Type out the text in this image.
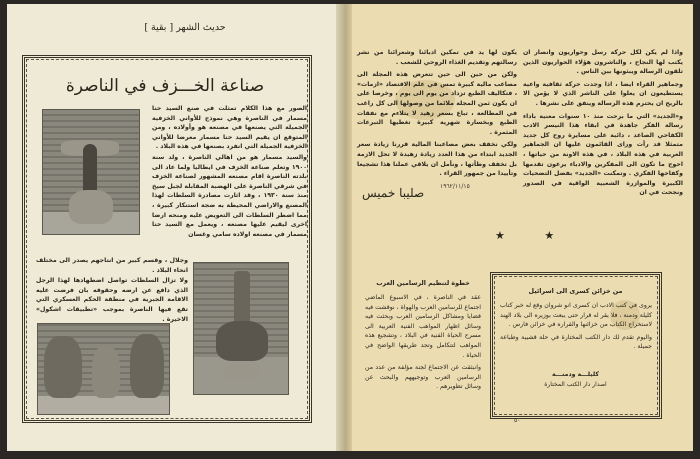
صناعة الخـــزف في الناصرة

الصور مع هذا الكلام تمثلت في صنع السيد حنا مسمار في الناصرة وهي نموذج للأواني الخزفية الجميلة التي يصنعها في مصنعه هو وأولاده ، ومن المتوقع ان يقيم السيد حنا مسمار معرضا للأواني الخزفية الجميلة التي انفرد بصنعها في هذه البلاد .

والسيد مسمار هو من اهالي الناصرة ، ولد سنة ١٩٠٠ وتعلم صناعة الخزف في ايطاليا ولما عاد الى بلدته الناصرة اقام مصنعه المشهور لصناعة الخزف في شرقي الناصرة على الهضبة المقابلة لجبل سيخ منذ سنة ١٩٣٠ ، وقد اثارت مصادرة السلطات لهذا المصنع والاراضي المحيطة به ضجة استنكار كبيرة ، مما اضطر السلطات الى التعويض عليه ومنحه ارضا اخرى ليقيم عليها مصنعه ، ويعمل مع السيد حنا مسمار في مصنعه اولاده سامي وغسان

وجلال ، وقسم كبير من انتاجهم يصدر الى مختلف انحاء البلاد .

ولا تزال السلطات تواصل اضطهادها لهذا الرجل الذي دافع عن ارضه وحقوقه بان فرضت عليه الاقامة الجبرية في منطقة الحكم العسكري التي تقع فيها الناصرة بموجب «تطبيقات اشكول» الاخيرة .

حديث الشهر [ بقية ]

واذا لم يكن لكل حركة رسل وحواريون وانصار ان يكتب لها النجاح ، والناشرون هؤلاء الحواريون الذين تلقون الرسالة ويبثونها بين الناس .

وجماهير القراء ايضا ، اذا وجدت حركة ثقافية واعية يستطيعون ان يعلوا على الناشر الذي لا يؤمن الا بالربح ان يحترم هذه الرسالة وينفق على نشرها .

و«الجديد» التي ما برحت منذ ١٠ سنوات معنية باداء رسالة الفكر جاهدة في ابقاء هذا النيسر الادب الكفاحي الصاعد ، دائبة على مسايرة روح كل جديد متمثلا قد رأت وراى القائمون عليها ان الجماهير العربية في هذه البلاد ، في هذه الاونة من حياتها ، احوج ما تكون الى المفكرين والادباء يرعون تقدمها وكفاحها الفكري . وتمكنت «الجديد» بفضل التضحيات الكبيرة والموازرة الشعبية الواقية في الصدور ونجحت في ان

يكون لها يد في تمكين ادبائنا وشعرائنا من نشر رسالتهم وتقديم الغذاء الروحي للشعب .

ولكن من حين الى حين تتعرض هذه المجلة الى مصاعب مالية كبيرة تمس في علم الاقتصاد «ازمات» ، فتكاليف الطبع تزداد من يوم الى يوم ، وخرصا على ان يكون ثمن المجلة ملائما من وصولها الى كل راغب في المطالعة ، تباع بسعر زهيد لا يتلاءم مع نفقات الطبع وبخسارة شهرية كبيرة تغطيها التبرعات المثمرة .

ولكي نخفف بعض مصاعبنا المالية قررنا زيادة سعر الجديد ابتداء من هذا العدد زيادة زهيدة لا تحل الازمة بل تخفف وطأتها ، ونأمل ان يلاقي عملنا هذا تشجيعا وتأييدا من جمهور القراء .

١٩٦٢/١١/١٥
صليبا خميس
★ ★
خطوة لتنظيم الرسامين العرب

عقد في الناصرة ، في الاسبوع الماضي اجتماع للرسامين العرب والهواة ، نوقشت فيه قضايا ومشاكل الرسامين العرب وبحثت فيه وسائل اظهار المواهب الفنية العربية الى مسرح الحياة الفنية في البلاد ، وتشجيع هذه المواهب لتتكامل وتجد طريقها الواضح في الحياة .

وانبثقت عن الاجتماع لجنة مؤلفة من عدد من الرسامين العرب وتوجيههم والبحث عن وسائل تطويرهم .

من خزائن كسرى الى اسرائيل

يروى في كتب الادب ان كسرى انو شروان وقع له خبر كتاب كليلة ودمنة ، فلا يقر له قرار حتى يبعث بوزيره الى بلاد الهند لاستخراج الكتاب من خزائنها والقراره في خزائن فارس .

واليوم تقدم لك دار الكتب المختارة في حلة قشيبة وطباعة جميلة .

كليلـــة ودمنـــة
اصدار دار الكتب المختارة
٥٠
